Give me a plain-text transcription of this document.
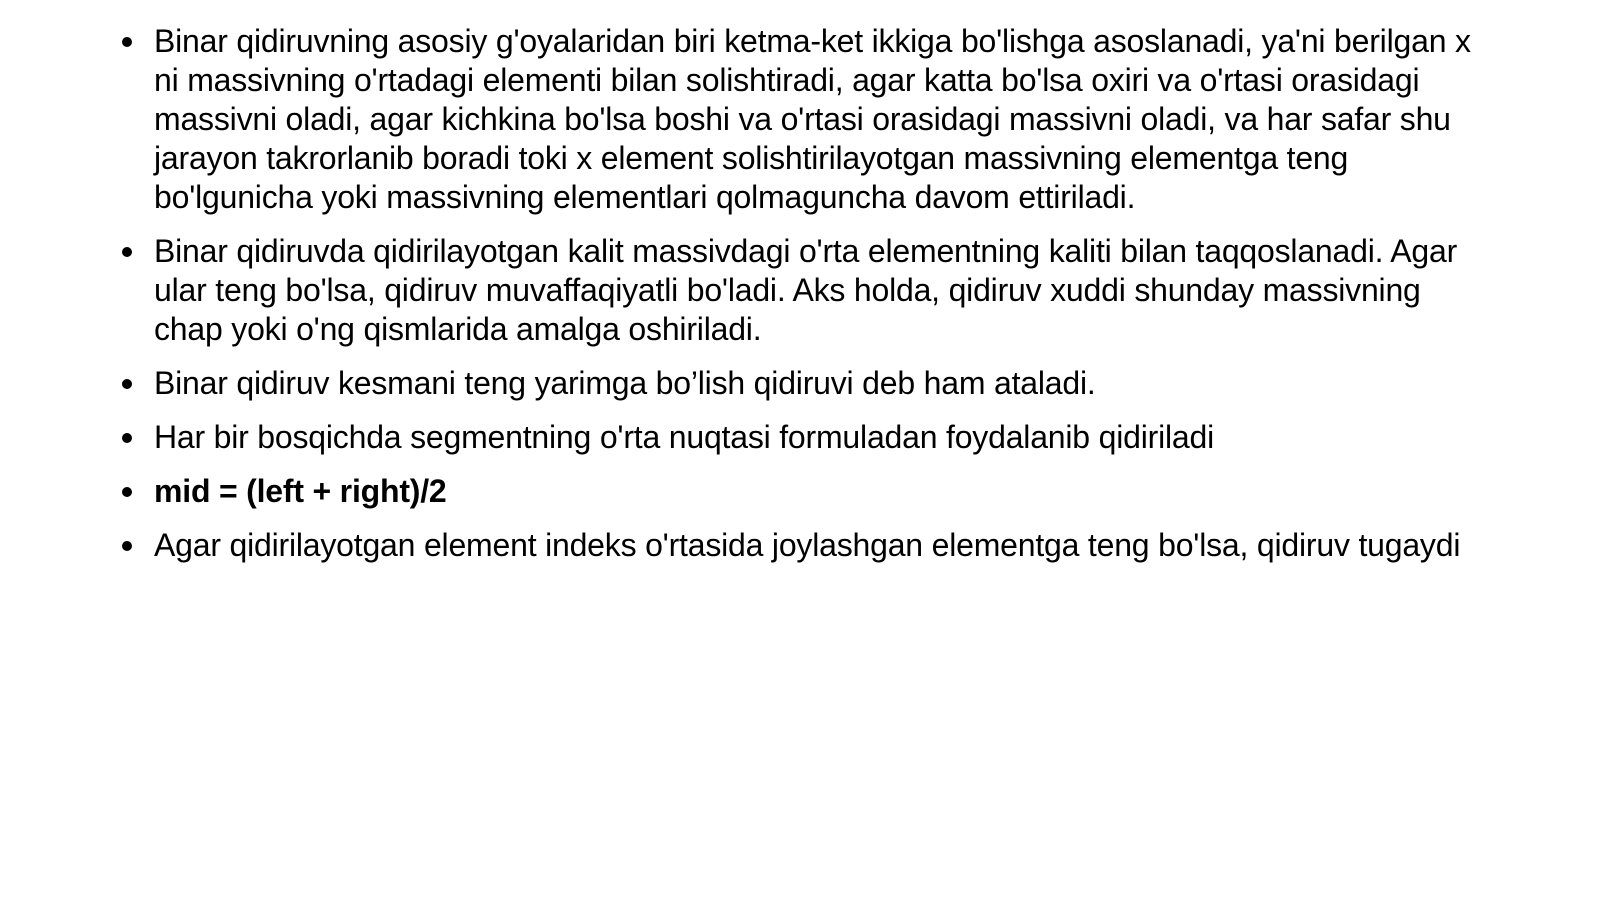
Binar qidiruvning asosiy g'oyalaridan biri ketma-ket ikkiga bo'lishga asoslanadi, ya'ni berilgan x ni massivning o'rtadagi elementi bilan solishtiradi, agar katta bo'lsa oxiri va o'rtasi orasidagi massivni oladi, agar kichkina bo'lsa boshi va o'rtasi orasidagi massivni oladi, va har safar shu jarayon takrorlanib boradi toki x element solishtirilayotgan massivning elementga teng bo'lgunicha yoki massivning elementlari qolmaguncha davom ettiriladi.
Binar qidiruvda qidirilayotgan kalit massivdagi o'rta elementning kaliti bilan taqqoslanadi. Agar ular teng bo'lsa, qidiruv muvaffaqiyatli bo'ladi. Aks holda, qidiruv xuddi shunday massivning chap yoki o'ng qismlarida amalga oshiriladi.
Binar qidiruv kesmani teng yarimga bo’lish qidiruvi deb ham ataladi.
Har bir bosqichda segmentning o'rta nuqtasi formuladan foydalanib qidiriladi
mid = (left + right)/2
Agar qidirilayotgan element indeks o'rtasida joylashgan elementga teng bo'lsa, qidiruv tugaydi
